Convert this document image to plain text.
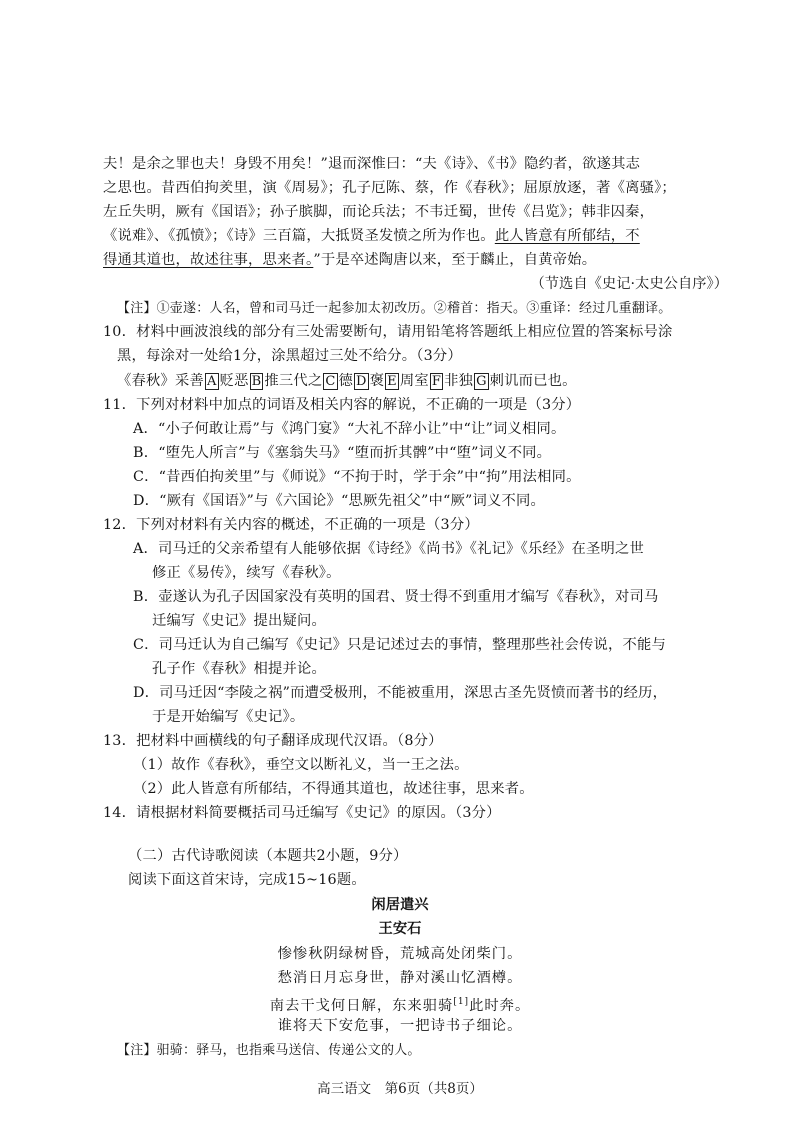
夫！是余之罪也夫！身毁不用矣！”退而深惟曰：“夫《诗》、《书》隐约者，欲遂其志
之思也。昔西伯拘羑里，演《周易》；孔子厄陈、蔡，作《春秋》；屈原放逐，著《离骚》；
左丘失明，厥有《国语》；孙子膑脚，而论兵法；不韦迁蜀，世传《吕览》；韩非囚秦，
《说难》、《孤愤》；《诗》三百篇，大抵贤圣发愤之所为作也。此人皆意有所郁结，不
得通其道也，故述往事，思来者。”于是卒述陶唐以来，至于麟止，自黄帝始。
（节选自《史记·太史公自序》）
【注】①壶遂：人名，曾和司马迁一起参加太初改历。②稽首：指天。③重译：经过几重翻译。
10．材料中画波浪线的部分有三处需要断句，请用铅笔将答题纸上相应位置的答案标号涂
黑，每涂对一处给1分，涂黑超过三处不给分。（3分）
《春秋》采善 A 贬恶 B 推三代之 C 德 D 褒 E 周室 F 非独 G 刺讥而已也。
11．下列对材料中加点的词语及相关内容的解说，不正确的一项是（3分）
A．“小子何敢让焉”与《鸿门宴》“大礼不辞小让”中“让”词义相同。
B．“堕先人所言”与《塞翁失马》“堕而折其髀”中“堕”词义不同。
C．“昔西伯拘羑里”与《师说》“不拘于时，学于余”中“拘”用法相同。
D．“厥有《国语》”与《六国论》“思厥先祖父”中“厥”词义不同。
12．下列对材料有关内容的概述，不正确的一项是（3分）
A．司马迁的父亲希望有人能够依据《诗经》《尚书》《礼记》《乐经》在圣明之世
修正《易传》，续写《春秋》。
B．壶遂认为孔子因国家没有英明的国君、贤士得不到重用才编写《春秋》，对司马
迁编写《史记》提出疑问。
C．司马迁认为自己编写《史记》只是记述过去的事情，整理那些社会传说，不能与
孔子作《春秋》相提并论。
D．司马迁因“李陵之祸”而遭受极刑，不能被重用，深思古圣先贤愤而著书的经历，
于是开始编写《史记》。
13．把材料中画横线的句子翻译成现代汉语。（8分）
（1）故作《春秋》，垂空文以断礼义，当一王之法。
（2）此人皆意有所郁结，不得通其道也，故述往事，思来者。
14．请根据材料简要概括司马迁编写《史记》的原因。（3分）
（二）古代诗歌阅读（本题共2小题，9分）
阅读下面这首宋诗，完成15~16题。
闲居遣兴
王安石
惨惨秋阴绿树昏，荒城高处闭柴门。
愁消日月忘身世，静对溪山忆酒樽。
南去干戈何日解，东来驲骑[1]此时奔。
谁将天下安危事，一把诗书子细论。
【注】驲骑：驿马，也指乘马送信、传递公文的人。
高三语文　第6页（共8页）
